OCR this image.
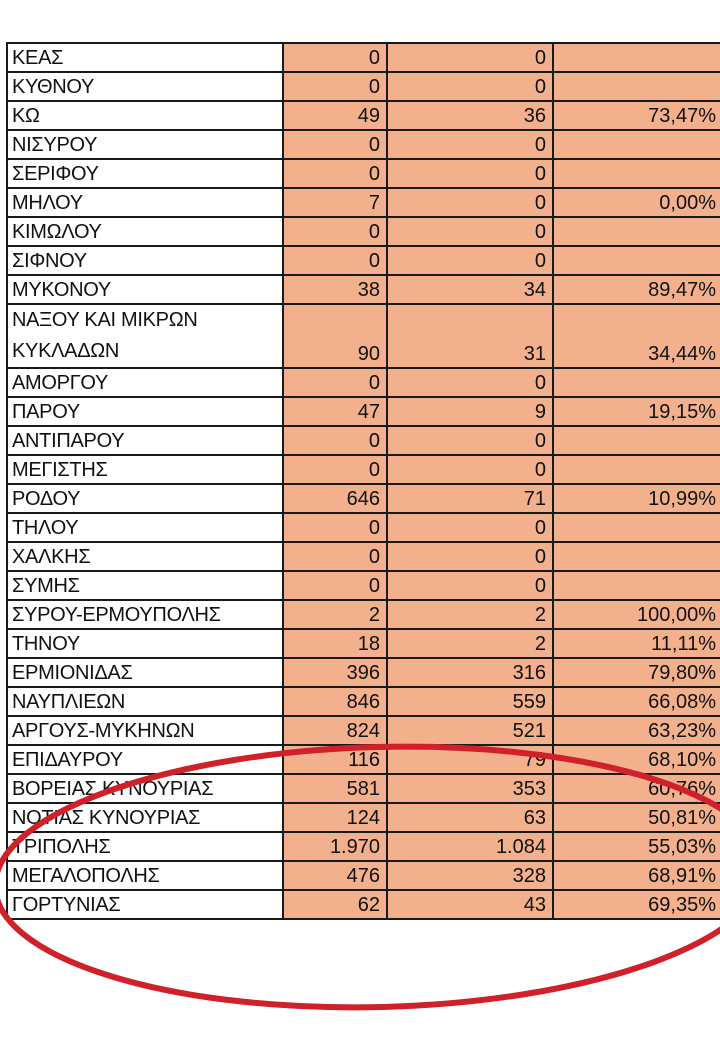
ΚΕΑΣ	0	0	
ΚΥΘΝΟΥ	0	0	
ΚΩ	49	36	73,47%
ΝΙΣΥΡΟΥ	0	0	
ΣΕΡΙΦΟΥ	0	0	
ΜΗΛΟΥ	7	0	0,00%
ΚΙΜΩΛΟΥ	0	0	
ΣΙΦΝΟΥ	0	0	
ΜΥΚΟΝΟΥ	38	34	89,47%
ΝΑΞΟΥ ΚΑΙ ΜΙΚΡΩΝ ΚΥΚΛΑΔΩΝ	90	31	34,44%
ΑΜΟΡΓΟΥ	0	0	
ΠΑΡΟΥ	47	9	19,15%
ΑΝΤΙΠΑΡΟΥ	0	0	
ΜΕΓΙΣΤΗΣ	0	0	
ΡΟΔΟΥ	646	71	10,99%
ΤΗΛΟΥ	0	0	
ΧΑΛΚΗΣ	0	0	
ΣΥΜΗΣ	0	0	
ΣΥΡΟΥ-ΕΡΜΟΥΠΟΛΗΣ	2	2	100,00%
ΤΗΝΟΥ	18	2	11,11%
ΕΡΜΙΟΝΙΔΑΣ	396	316	79,80%
ΝΑΥΠΛΙΕΩΝ	846	559	66,08%
ΑΡΓΟΥΣ-ΜΥΚΗΝΩΝ	824	521	63,23%
ΕΠΙΔΑΥΡΟΥ	116	79	68,10%
ΒΟΡΕΙΑΣ ΚΥΝΟΥΡΙΑΣ	581	353	60,76%
ΝΟΤΙΑΣ ΚΥΝΟΥΡΙΑΣ	124	63	50,81%
ΤΡΙΠΟΛΗΣ	1.970	1.084	55,03%
ΜΕΓΑΛΟΠΟΛΗΣ	476	328	68,91%
ΓΟΡΤΥΝΙΑΣ	62	43	69,35%
